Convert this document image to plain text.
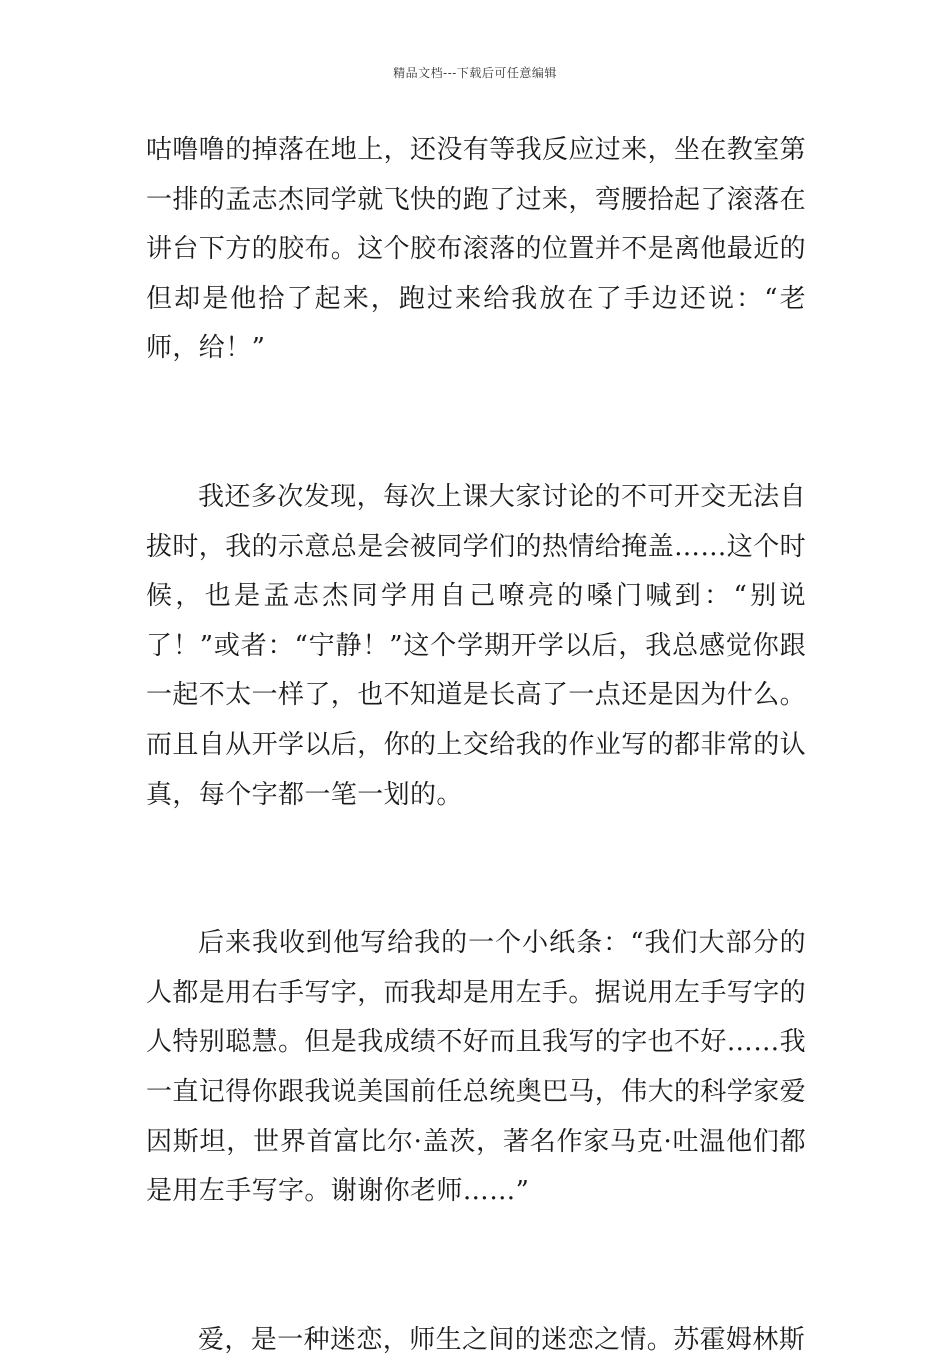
精品文档---下载后可任意编辑

咕噜噜的掉落在地上，还没有等我反应过来，坐在教室第一排的孟志杰同学就飞快的跑了过来，弯腰拾起了滚落在讲台下方的胶布。这个胶布滚落的位置并不是离他最近的但却是他拾了起来，跑过来给我放在了手边还说：“老师，给！”

我还多次发现，每次上课大家讨论的不可开交无法自拔时，我的示意总是会被同学们的热情给掩盖……这个时候，也是孟志杰同学用自己嘹亮的嗓门喊到：“别说了！”或者：“宁静！”这个学期开学以后，我总感觉你跟一起不太一样了，也不知道是长高了一点还是因为什么。而且自从开学以后，你的上交给我的作业写的都非常的认真，每个字都一笔一划的。

后来我收到他写给我的一个小纸条：“我们大部分的人都是用右手写字，而我却是用左手。据说用左手写字的人特别聪慧。但是我成绩不好而且我写的字也不好……我一直记得你跟我说美国前任总统奥巴马，伟大的科学家爱因斯坦，世界首富比尔·盖茨，著名作家马克·吐温他们都是用左手写字。谢谢你老师……”

爱，是一种迷恋，师生之间的迷恋之情。苏霍姆林斯
